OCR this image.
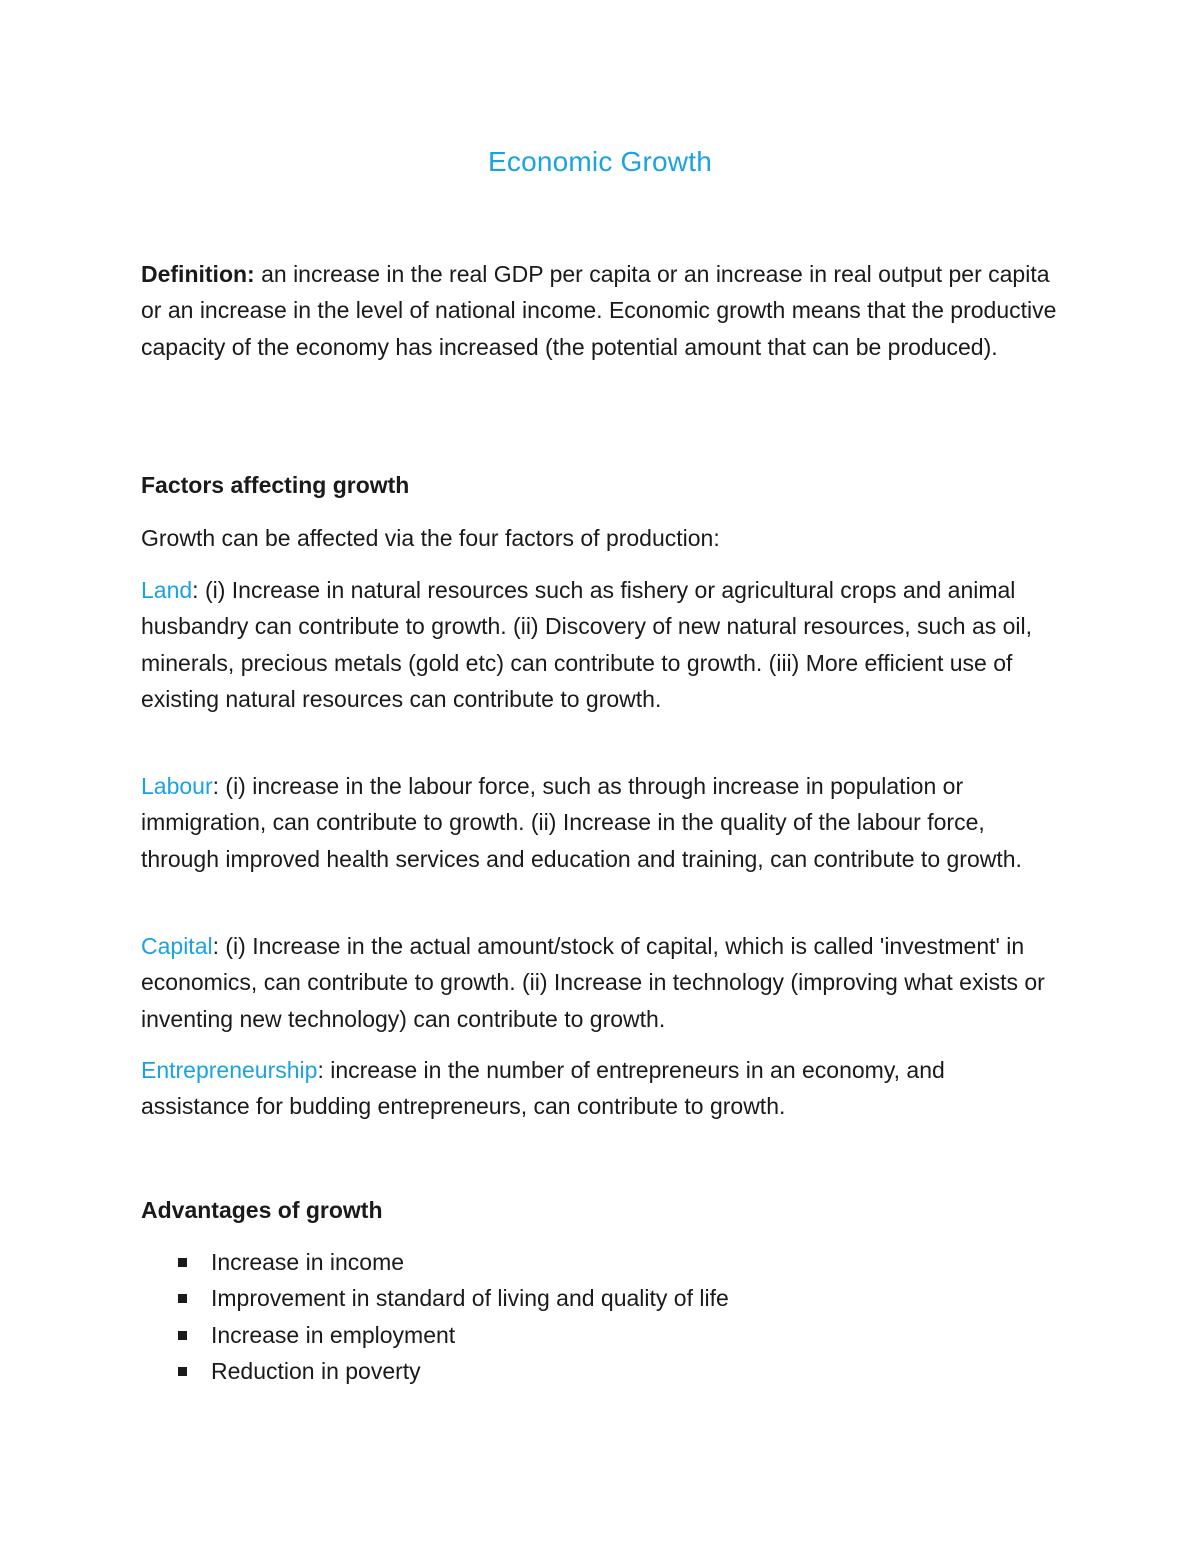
Economic Growth

Definition: an increase in the real GDP per capita or an increase in real output per capita or an increase in the level of national income. Economic growth means that the productive capacity of the economy has increased (the potential amount that can be produced).

Factors affecting growth

Growth can be affected via the four factors of production:

Land: (i) Increase in natural resources such as fishery or agricultural crops and animal husbandry can contribute to growth. (ii) Discovery of new natural resources, such as oil, minerals, precious metals (gold etc) can contribute to growth. (iii) More efficient use of existing natural resources can contribute to growth.

Labour: (i) increase in the labour force, such as through increase in population or immigration, can contribute to growth. (ii) Increase in the quality of the labour force, through improved health services and education and training, can contribute to growth.

Capital: (i) Increase in the actual amount/stock of capital, which is called 'investment' in economics, can contribute to growth. (ii) Increase in technology (improving what exists or inventing new technology) can contribute to growth.

Entrepreneurship: increase in the number of entrepreneurs in an economy, and assistance for budding entrepreneurs, can contribute to growth.

Advantages of growth

Increase in income
Improvement in standard of living and quality of life
Increase in employment
Reduction in poverty
